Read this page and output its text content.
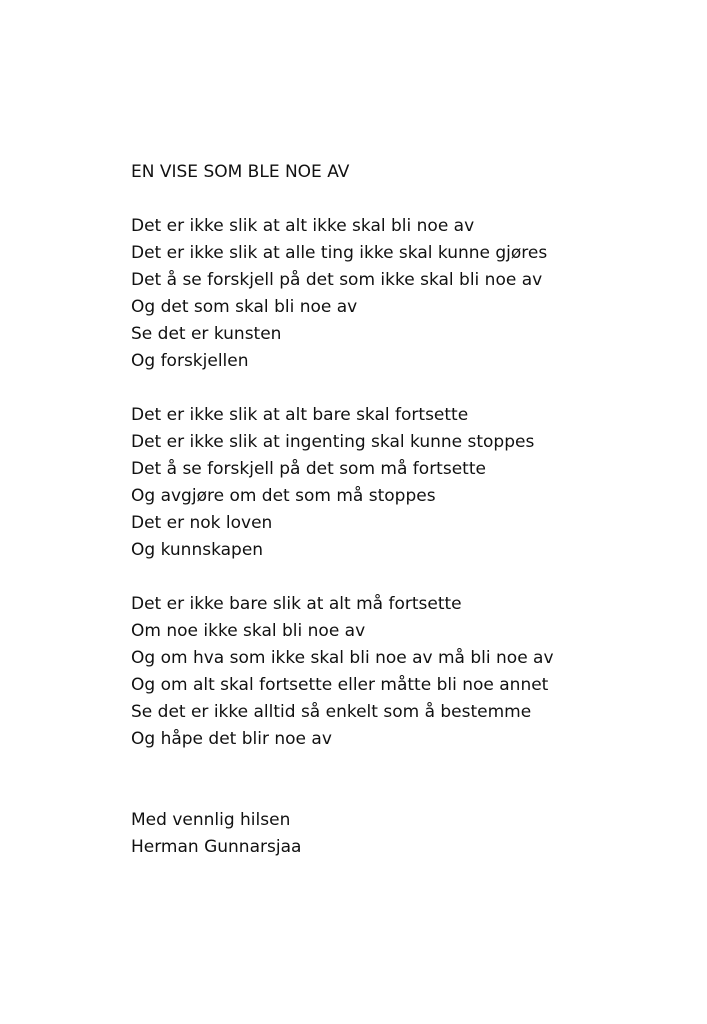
EN VISE SOM BLE NOE AV
Det er ikke slik at alt ikke skal bli noe av
Det er ikke slik at alle ting ikke skal kunne gjøres
Det å se forskjell på det som ikke skal bli noe av
Og det som skal bli noe av
Se det er kunsten
Og forskjellen
Det er ikke slik at alt bare skal fortsette
Det er ikke slik at ingenting skal kunne stoppes
Det å se forskjell på det som må fortsette
Og avgjøre om det som må stoppes
Det er nok loven
Og kunnskapen
Det er ikke bare slik at alt må fortsette
Om noe ikke skal bli noe av
Og om hva som ikke skal bli noe av må bli noe av
Og om alt skal fortsette eller måtte bli noe annet
Se det er ikke alltid så enkelt som å bestemme
Og håpe det blir noe av
Med vennlig hilsen
Herman Gunnarsjaa
